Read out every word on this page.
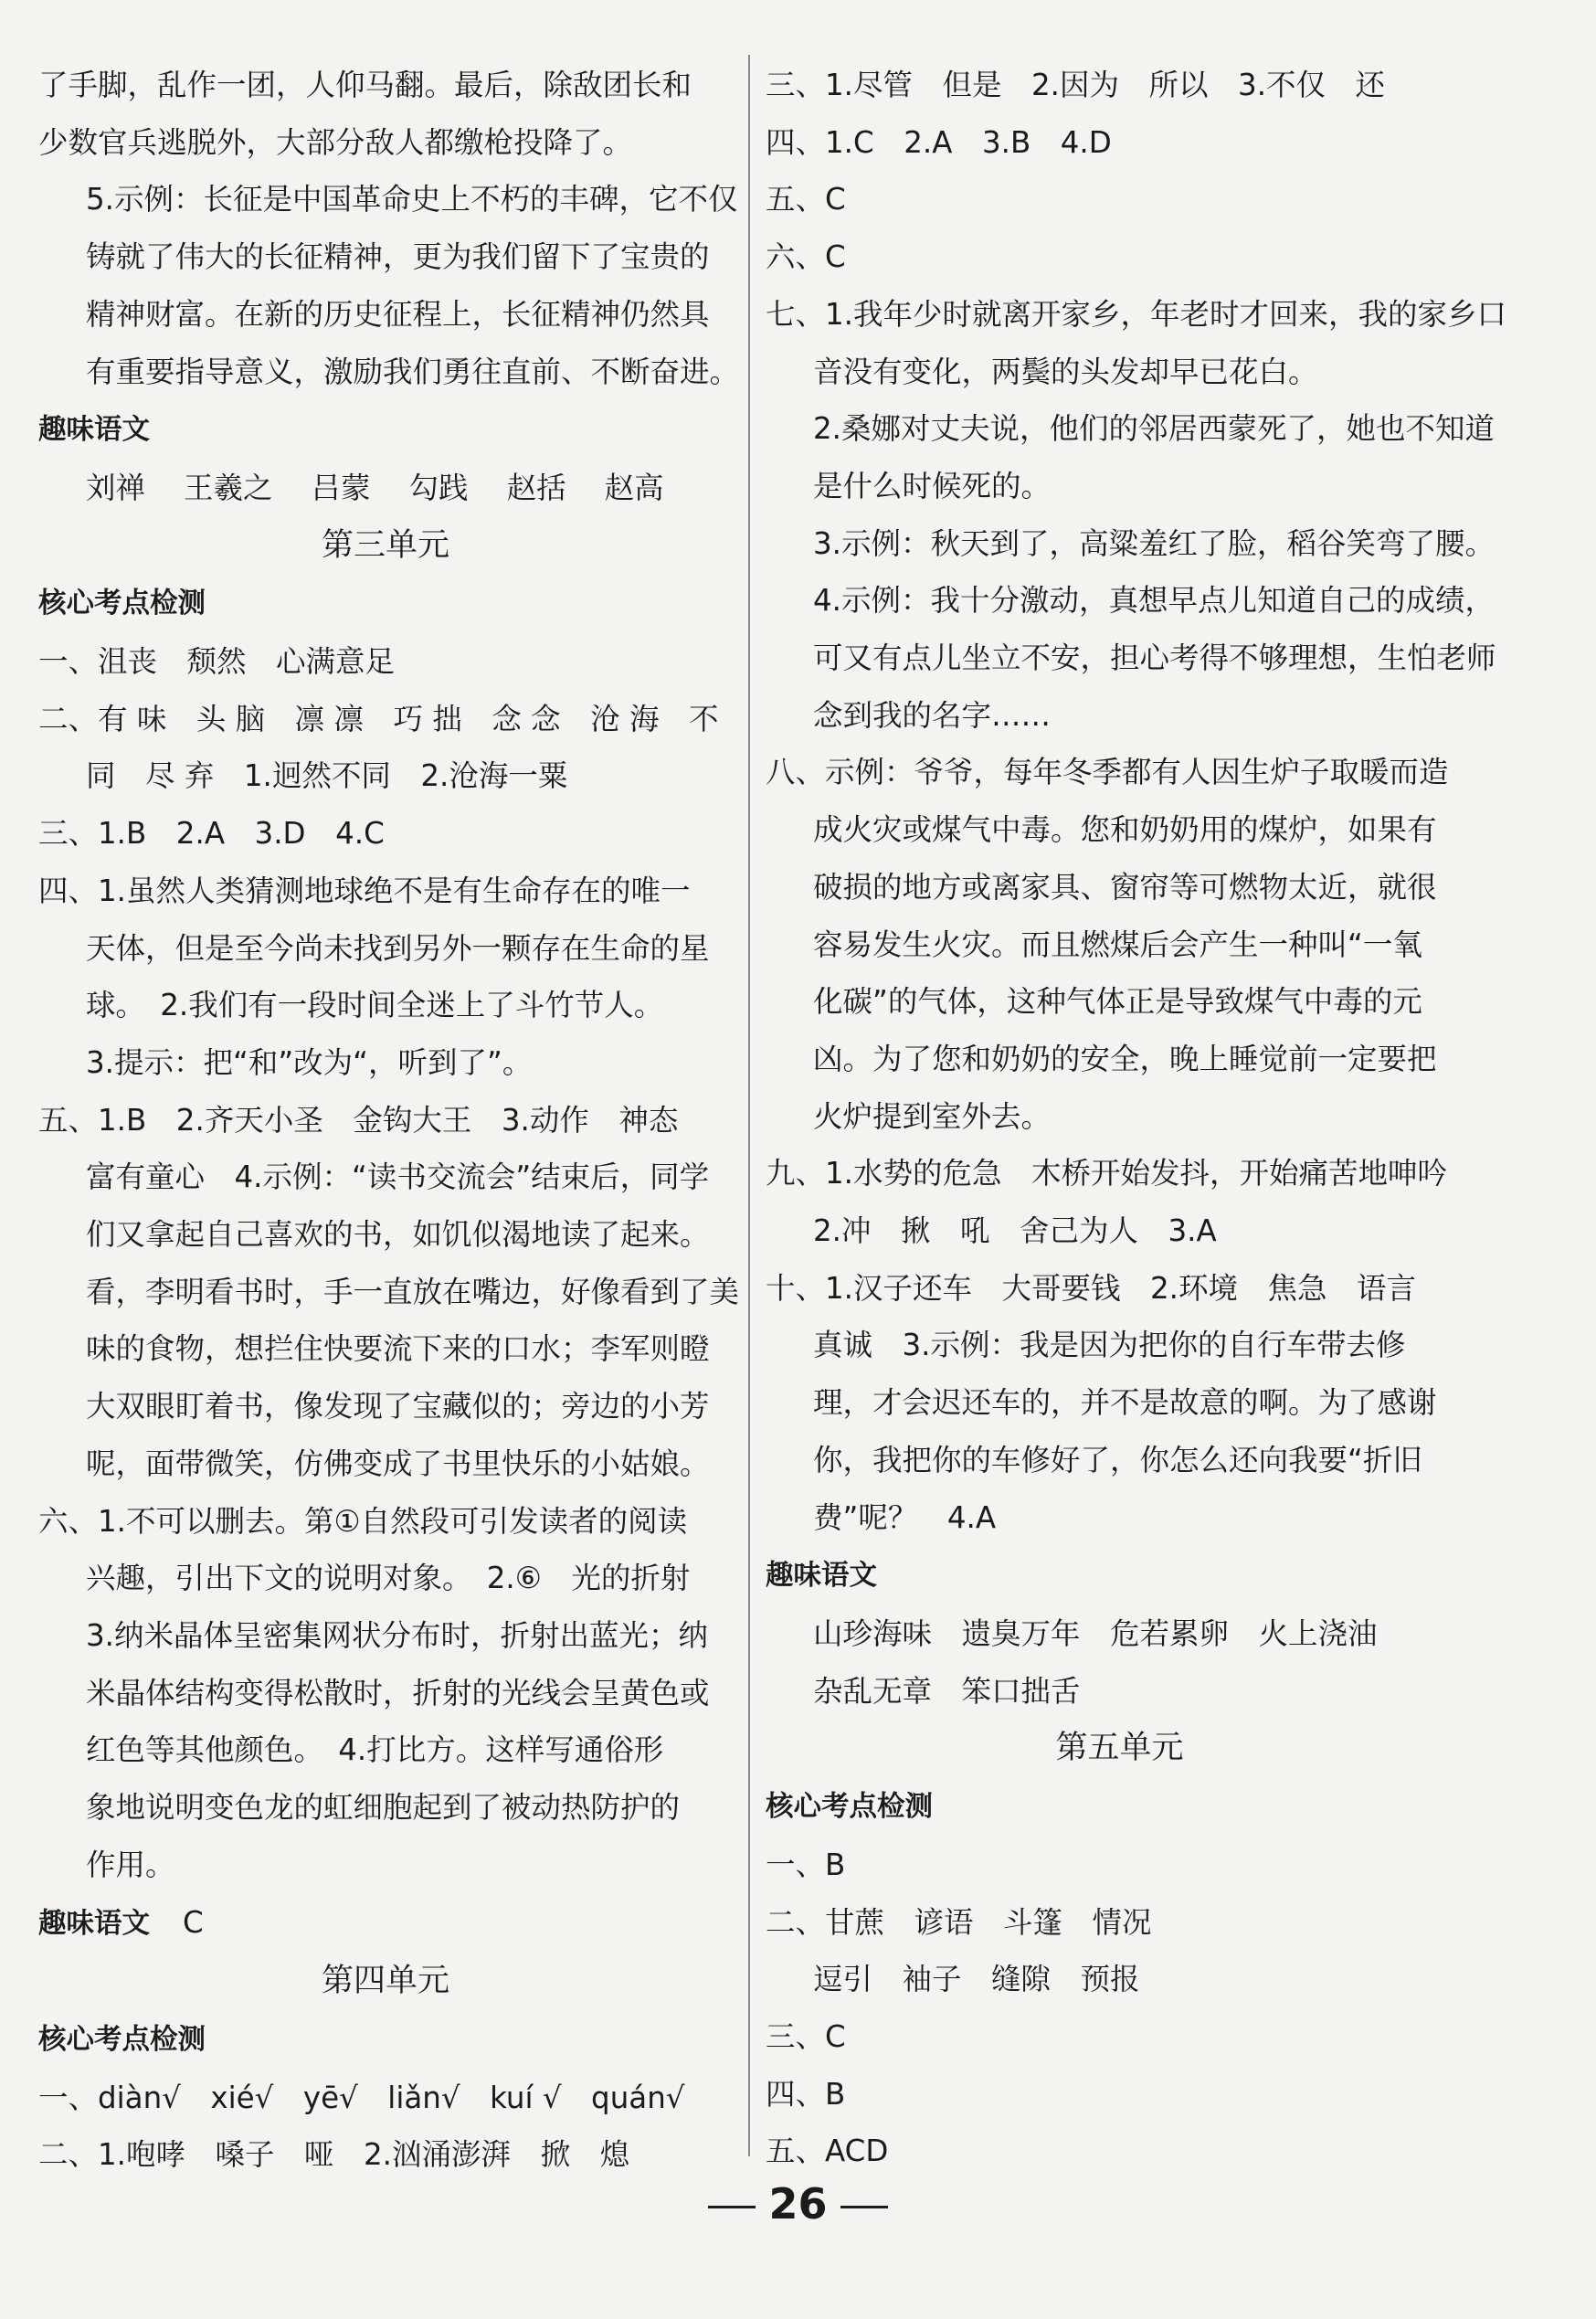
了手脚，乱作一团，人仰马翻。最后，除敌团长和
少数官兵逃脱外，大部分敌人都缴枪投降了。
5.示例：长征是中国革命史上不朽的丰碑，它不仅
铸就了伟大的长征精神，更为我们留下了宝贵的
精神财富。在新的历史征程上，长征精神仍然具
有重要指导意义，激励我们勇往直前、不断奋进。
趣味语文
刘禅 王羲之 吕蒙 勾践 赵括 赵高
第三单元
核心考点检测
一、沮丧　颓然　心满意足
二、有 味　头 脑　凛 凛　巧 拙　念 念　沧 海　不
同　尽 弃　1.迥然不同　2.沧海一粟
三、1.B　2.A　3.D　4.C
四、1.虽然人类猜测地球绝不是有生命存在的唯一
天体，但是至今尚未找到另外一颗存在生命的星
球。　2.我们有一段时间全迷上了斗竹节人。
3.提示：把“和”改为“，听到了”。
五、1.B　2.齐天小圣　金钩大王　3.动作　神态
富有童心　4.示例：“读书交流会”结束后，同学
们又拿起自己喜欢的书，如饥似渴地读了起来。
看，李明看书时，手一直放在嘴边，好像看到了美
味的食物，想拦住快要流下来的口水；李军则瞪
大双眼盯着书，像发现了宝藏似的；旁边的小芳
呢，面带微笑，仿佛变成了书里快乐的小姑娘。
六、1.不可以删去。第①自然段可引发读者的阅读
兴趣，引出下文的说明对象。　2.⑥　光的折射
3.纳米晶体呈密集网状分布时，折射出蓝光；纳
米晶体结构变得松散时，折射的光线会呈黄色或
红色等其他颜色。　4.打比方。这样写通俗形
象地说明变色龙的虹细胞起到了被动热防护的
作用。
趣味语文 C
第四单元
核心考点检测
一、diàn√　xié√　yē√　liǎn√　kuí √　quán√
二、1.咆哮　嗓子　哑　2.汹涌澎湃　掀　熄
三、1.尽管　但是　2.因为　所以　3.不仅　还
四、1.C　2.A　3.B　4.D
五、C
六、C
七、1.我年少时就离开家乡，年老时才回来，我的家乡口
音没有变化，两鬓的头发却早已花白。
2.桑娜对丈夫说，他们的邻居西蒙死了，她也不知道
是什么时候死的。
3.示例：秋天到了，高粱羞红了脸，稻谷笑弯了腰。
4.示例：我十分激动，真想早点儿知道自己的成绩，
可又有点儿坐立不安，担心考得不够理想，生怕老师
念到我的名字……
八、示例：爷爷，每年冬季都有人因生炉子取暖而造
成火灾或煤气中毒。您和奶奶用的煤炉，如果有
破损的地方或离家具、窗帘等可燃物太近，就很
容易发生火灾。而且燃煤后会产生一种叫“一氧
化碳”的气体，这种气体正是导致煤气中毒的元
凶。为了您和奶奶的安全，晚上睡觉前一定要把
火炉提到室外去。
九、1.水势的危急　木桥开始发抖，开始痛苦地呻吟
2.冲　揪　吼　舍己为人　3.A
十、1.汉子还车　大哥要钱　2.环境　焦急　语言
真诚　3.示例：我是因为把你的自行车带去修
理，才会迟还车的，并不是故意的啊。为了感谢
你，我把你的车修好了，你怎么还向我要“折旧
费”呢？　4.A
趣味语文
山珍海味　遗臭万年　危若累卵　火上浇油
杂乱无章　笨口拙舌
第五单元
核心考点检测
一、B
二、甘蔗　谚语　斗篷　情况
逗引　袖子　缝隙　预报
三、C
四、B
五、ACD
26
